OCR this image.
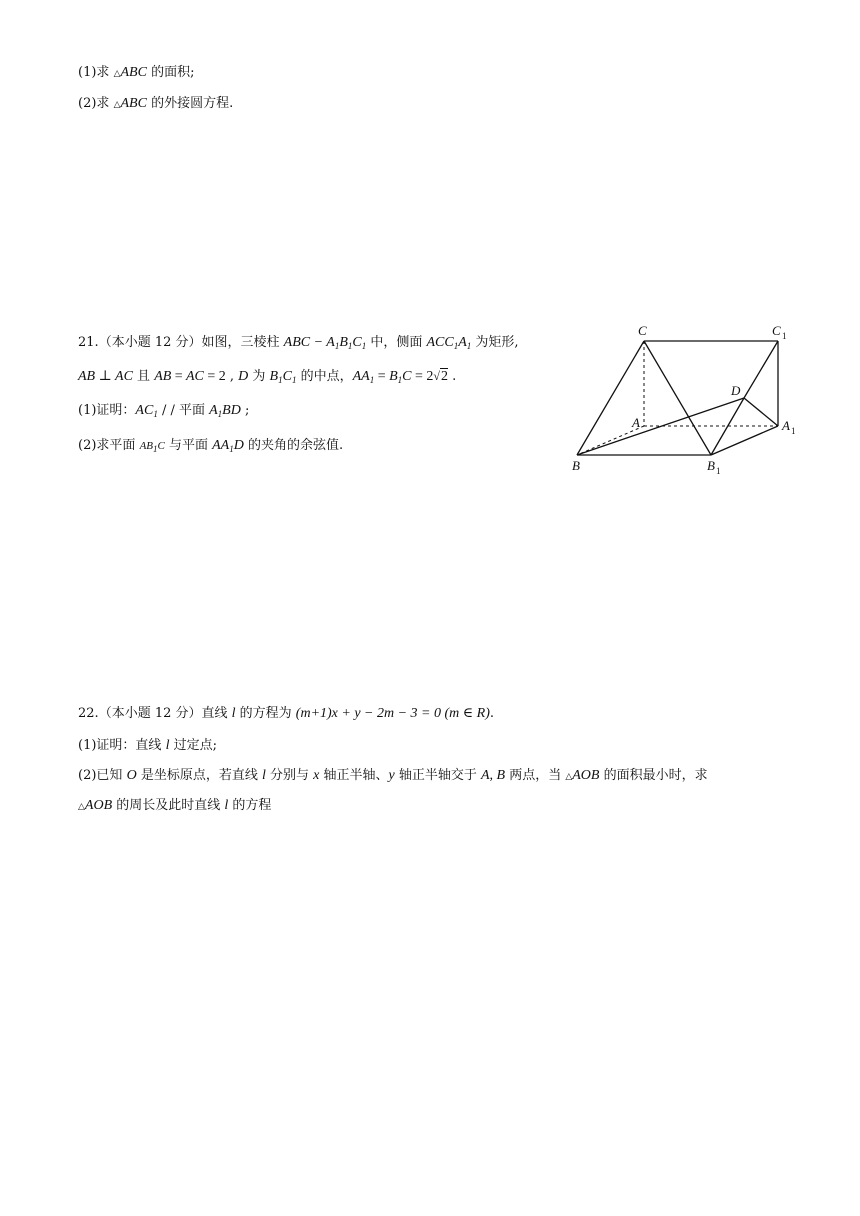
(1)求 △ABC 的面积;
(2)求 △ABC 的外接圆方程.
21.（本小题 12 分）如图，三棱柱 ABC − $A_1B_1C_1$ 中，侧面 $ACC_1A_1$ 为矩形,
AB ⊥ AC 且 AB = AC = 2 , D 为 $B_1C_1$ 的中点，$AA_1 = B_1C = 2√2$ .
(1)证明：$AC_1$ / / 平面 $A_1BD$ ;
(2)求平面 $AB_1C$ 与平面 $AA_1D$ 的夹角的余弦值.
C	C 1
D
A	A 1
B	B 1
22.（本小题 12 分）直线 l 的方程为 (m+1)x + y − 2m − 3 = 0 (m ∈ R).
(1)证明：直线 l 过定点;
(2)已知 O 是坐标原点，若直线 l 分别与 x 轴正半轴、y 轴正半轴交于 A, B 两点，当 △AOB 的面积最小时，求
△AOB 的周长及此时直线 l 的方程
